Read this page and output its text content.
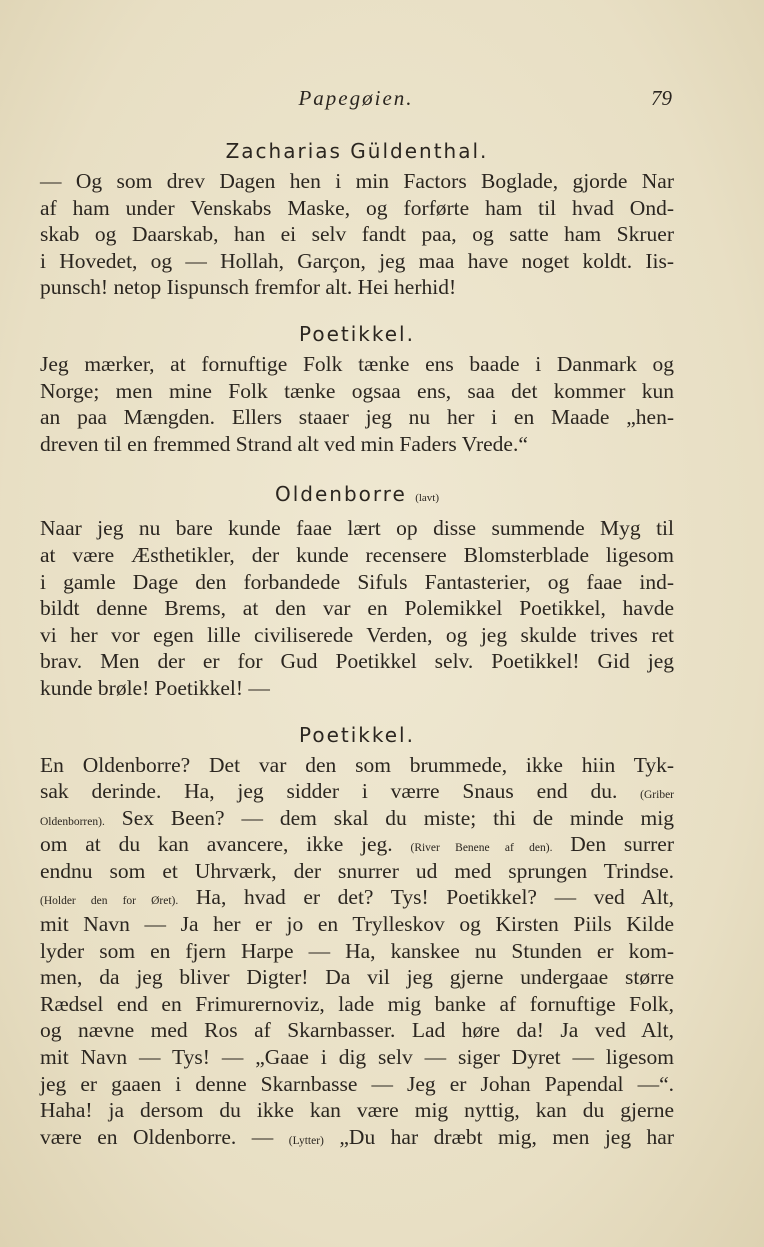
Papegøien.	79
Zacharias Güldenthal.
— Og som drev Dagen hen i min Factors Boglade, gjorde Nar
af ham under Venskabs Maske, og forførte ham til hvad Ond-
skab og Daarskab, han ei selv fandt paa, og satte ham Skruer
i Hovedet, og — Hollah, Garçon, jeg maa have noget koldt. Iis-
punsch! netop Iispunsch fremfor alt. Hei herhid!
Poetikkel.
Jeg mærker, at fornuftige Folk tænke ens baade i Danmark og
Norge; men mine Folk tænke ogsaa ens, saa det kommer kun
an paa Mængden. Ellers staaer jeg nu her i en Maade „hen-
dreven til en fremmed Strand alt ved min Faders Vrede.“
Oldenborre (lavt)
Naar jeg nu bare kunde faae lært op disse summende Myg til
at være Æsthetikler, der kunde recensere Blomsterblade ligesom
i gamle Dage den forbandede Sifuls Fantasterier, og faae ind-
bildt denne Brems, at den var en Polemikkel Poetikkel, havde
vi her vor egen lille civiliserede Verden, og jeg skulde trives ret
brav. Men der er for Gud Poetikkel selv. Poetikkel! Gid jeg
kunde brøle! Poetikkel! —
Poetikkel.
En Oldenborre? Det var den som brummede, ikke hiin Tyk-
sak derinde. Ha, jeg sidder i værre Snaus end du. (Griber
Oldenborren). Sex Been? — dem skal du miste; thi de minde mig
om at du kan avancere, ikke jeg. (River Benene af den). Den surrer
endnu som et Uhrværk, der snurrer ud med sprungen Trindse.
(Holder den for Øret). Ha, hvad er det? Tys! Poetikkel? — ved Alt,
mit Navn — Ja her er jo en Trylleskov og Kirsten Piils Kilde
lyder som en fjern Harpe — Ha, kanskee nu Stunden er kom-
men, da jeg bliver Digter! Da vil jeg gjerne undergaae større
Rædsel end en Frimurernoviz, lade mig banke af fornuftige Folk,
og nævne med Ros af Skarnbasser. Lad høre da! Ja ved Alt,
mit Navn — Tys! — „Gaae i dig selv — siger Dyret — ligesom
jeg er gaaen i denne Skarnbasse — Jeg er Johan Papendal —“.
Haha! ja dersom du ikke kan være mig nyttig, kan du gjerne
være en Oldenborre. — (Lytter) „Du har dræbt mig, men jeg har
